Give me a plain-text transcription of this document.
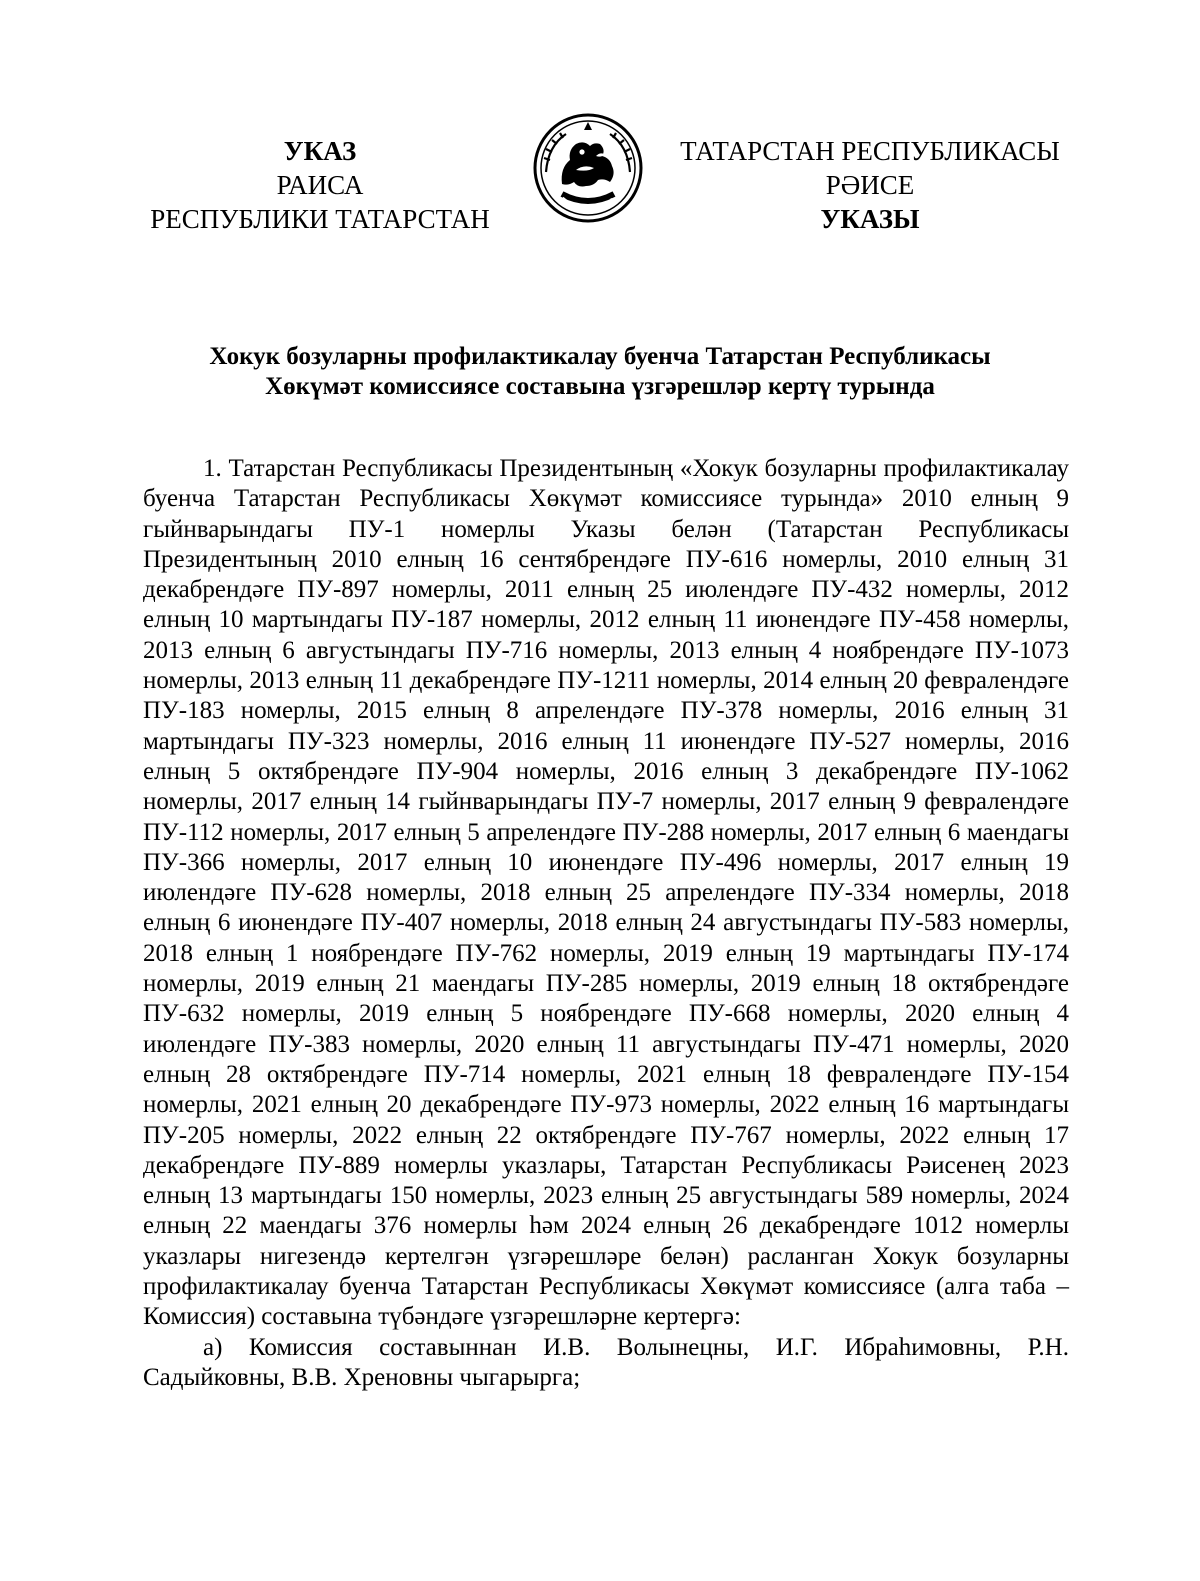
УКАЗ
РАИСА
РЕСПУБЛИКИ ТАТАРСТАН
ТАТАРСТАН
ТАТАРСТАН РЕСПУБЛИКАСЫ
РӘИСЕ
УКАЗЫ
Хокук бозуларны профилактикалау буенча Татарстан Республикасы
Хөкүмәт комиссиясе составына үзгәрешләр кертү турында

1. Татарстан Республикасы Президентының «Хокук бозуларны профилактикалау буенча Татарстан Республикасы Хөкүмәт комиссиясе турында» 2010 елның 9 гыйнварындагы ПУ-1 номерлы Указы белән (Татарстан Республикасы Президентының 2010 елның 16 сентябрендәге ПУ-616 номерлы, 2010 елның 31 декабрендәге ПУ-897 номерлы, 2011 елның 25 июлендәге ПУ-432 номерлы, 2012 елның 10 мартындагы ПУ-187 номерлы, 2012 елның 11 июнендәге ПУ-458 номерлы, 2013 елның 6 августындагы ПУ-716 номерлы, 2013 елның 4 ноябрендәге ПУ-1073 номерлы, 2013 елның 11 декабрендәге ПУ-1211 номерлы, 2014 елның 20 февралендәге ПУ-183 номерлы, 2015 елның 8 апрелендәге ПУ-378 номерлы, 2016 елның 31 мартындагы ПУ-323 номерлы, 2016 елның 11 июнендәге ПУ-527 номерлы, 2016 елның 5 октябрендәге ПУ-904 номерлы, 2016 елның 3 декабрендәге ПУ-1062 номерлы, 2017 елның 14 гыйнварындагы ПУ-7 номерлы, 2017 елның 9 февралендәге ПУ-112 номерлы, 2017 елның 5 апрелендәге ПУ-288 номерлы, 2017 елның 6 маендагы ПУ-366 номерлы, 2017 елның 10 июнендәге ПУ-496 номерлы, 2017 елның 19 июлендәге ПУ-628 номерлы, 2018 елның 25 апрелендәге ПУ-334 номерлы, 2018 елның 6 июнендәге ПУ-407 номерлы, 2018 елның 24 августындагы ПУ-583 номерлы, 2018 елның 1 ноябрендәге ПУ-762 номерлы, 2019 елның 19 мартындагы ПУ-174 номерлы, 2019 елның 21 маендагы ПУ-285 номерлы, 2019 елның 18 октябрендәге ПУ-632 номерлы, 2019 елның 5 ноябрендәге ПУ-668 номерлы, 2020 елның 4 июлендәге ПУ-383 номерлы, 2020 елның 11 августындагы ПУ-471 номерлы, 2020 елның 28 октябрендәге ПУ-714 номерлы, 2021 елның 18 февралендәге ПУ-154 номерлы, 2021 елның 20 декабрендәге ПУ-973 номерлы, 2022 елның 16 мартындагы ПУ-205 номерлы, 2022 елның 22 октябрендәге ПУ-767 номерлы, 2022 елның 17 декабрендәге ПУ-889 номерлы указлары, Татарстан Республикасы Рәисенең 2023 елның 13 мартындагы 150 номерлы, 2023 елның 25 августындагы 589 номерлы, 2024 елның 22 маендагы 376 номерлы һәм 2024 елның 26 декабрендәге 1012 номерлы указлары нигезендә кертелгән үзгәрешләре белән) расланган Хокук бозуларны профилактикалау буенча Татарстан Республикасы Хөкүмәт комиссиясе (алга таба – Комиссия) составына түбәндәге үзгәрешләрне кертергә:

а) Комиссия составыннан И.В. Волынецны, И.Г. Ибраһимовны, Р.Н. Садыйковны, В.В. Хреновны чыгарырга;
